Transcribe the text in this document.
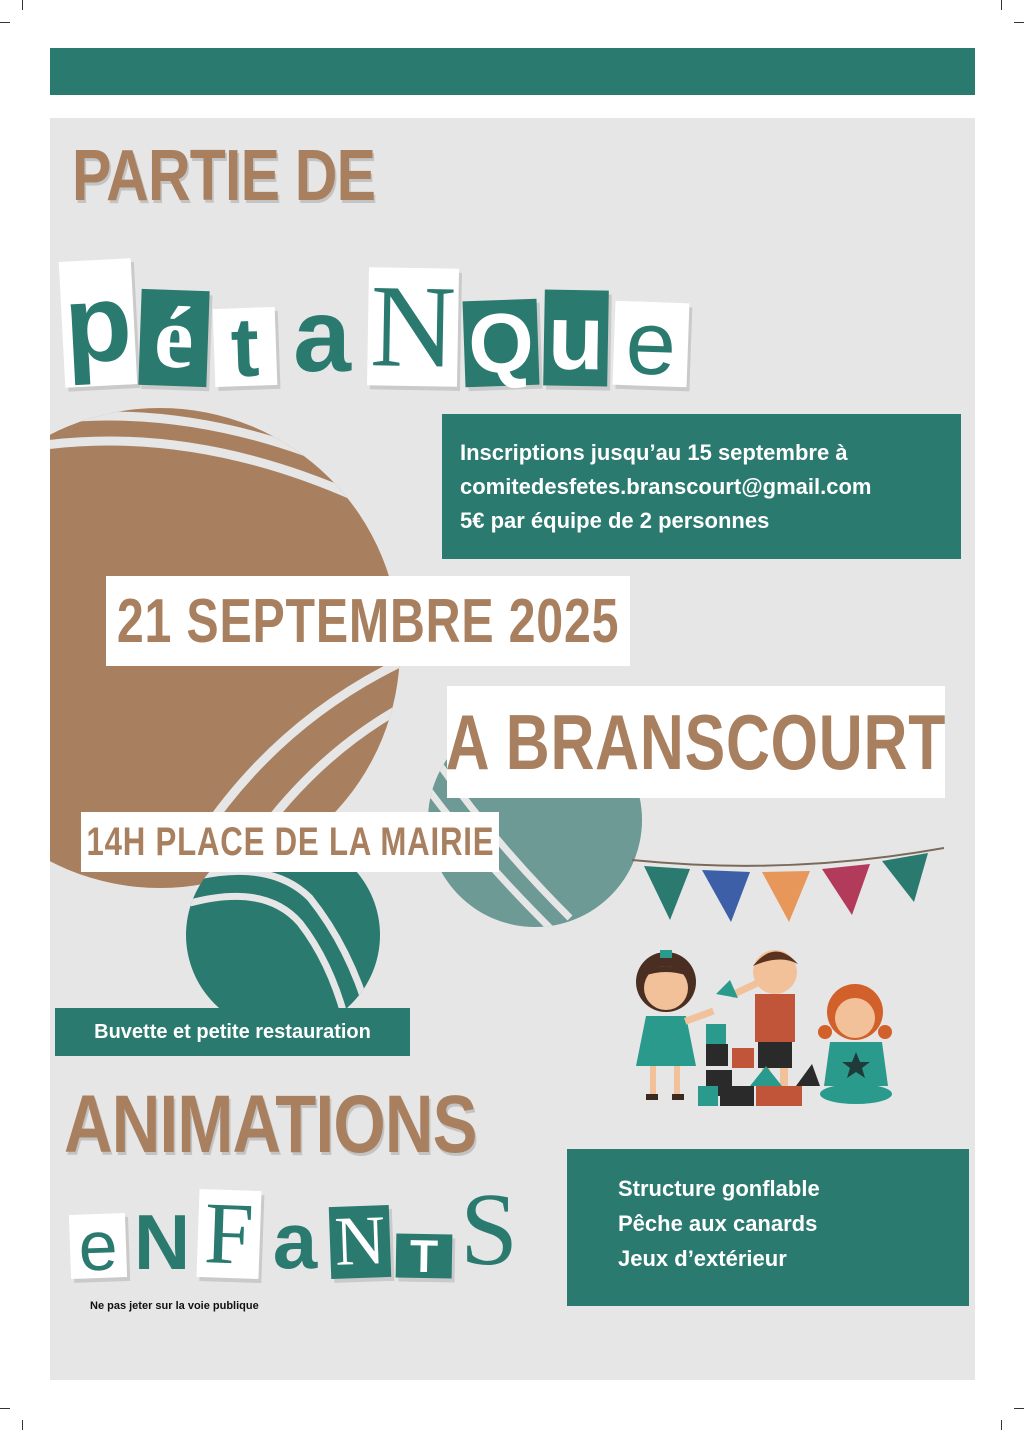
PARTIE DE
p é t a N Q u e
Inscriptions jusqu’au 15 septembre à
comitedesfetes.branscourt@gmail.com
5€ par équipe de 2 personnes
21 SEPTEMBRE 2025
A BRANSCOURT
14H PLACE DE LA MAIRIE
Buvette et petite restauration
ANIMATIONS
e N F a N T S	Structure gonflable
Pêche aux canards
Jeux d’extérieur
Ne pas jeter sur la voie publique
